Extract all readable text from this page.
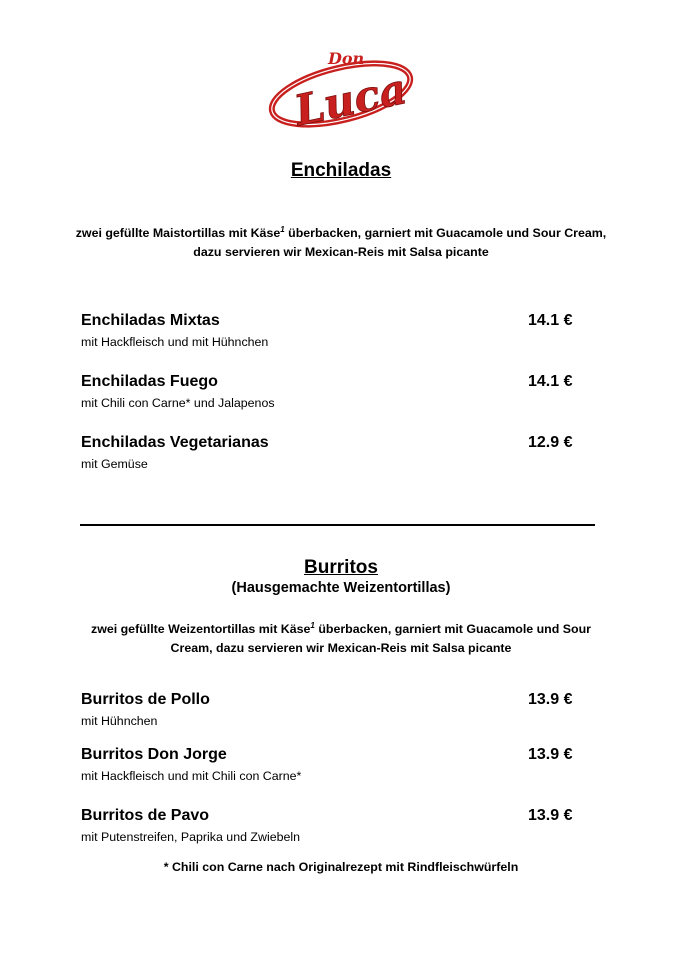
Don
Luca
Enchiladas
zwei gefüllte Maistortillas mit Käse$^1$ überbacken, garniert mit Guacamole und Sour Cream,
dazu servieren wir Mexican-Reis mit Salsa picante
Enchiladas Mixtas
mit Hackfleisch und mit Hühnchen
14.1 €
Enchiladas Fuego
mit Chili con Carne* und Jalapenos
14.1 €
Enchiladas Vegetarianas
mit Gemüse
12.9 €
Burritos
(Hausgemachte Weizentortillas)
zwei gefüllte Weizentortillas mit Käse$^1$ überbacken, garniert mit Guacamole und Sour
Cream, dazu servieren wir Mexican-Reis mit Salsa picante
Burritos de Pollo
mit Hühnchen
13.9 €
Burritos Don Jorge
mit Hackfleisch und mit Chili con Carne*
13.9 €
Burritos de Pavo
mit Putenstreifen, Paprika und Zwiebeln
13.9 €
* Chili con Carne nach Originalrezept mit Rindfleischwürfeln
